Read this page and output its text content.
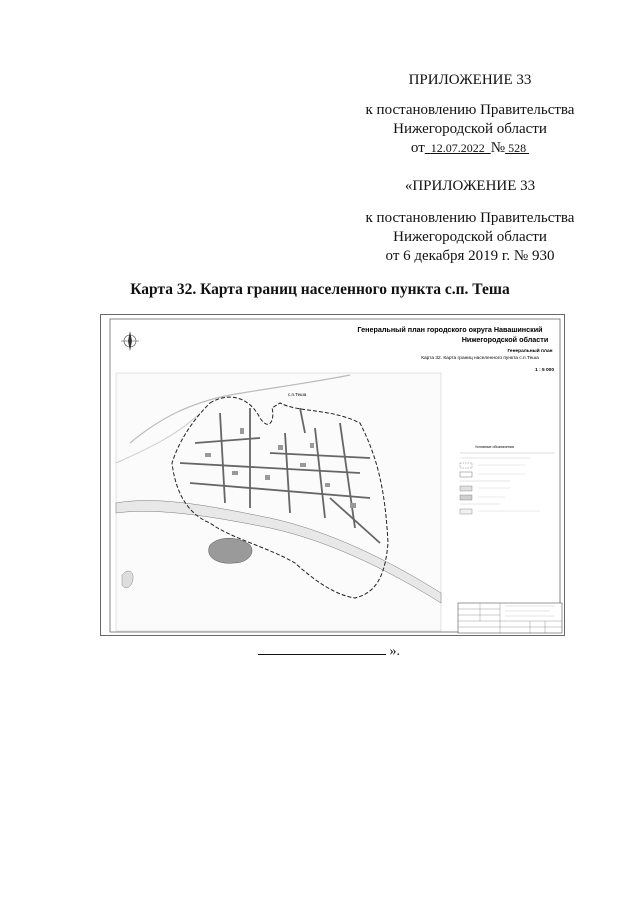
ПРИЛОЖЕНИЕ 33
к постановлению Правительства
Нижегородской области
от 12.07.2022 № 528
«ПРИЛОЖЕНИЕ 33
к постановлению Правительства
Нижегородской области
от 6 декабря 2019 г. № 930
Карта 32. Карта границ населенного пункта с.п. Теша
Генеральный план городского округа Навашинский
Нижегородской области
Генеральный план
Карта 32. Карта границ населенного пункта с.п.Теша
1 : 5 000
с.п.Теша
Условные обозначения
».
